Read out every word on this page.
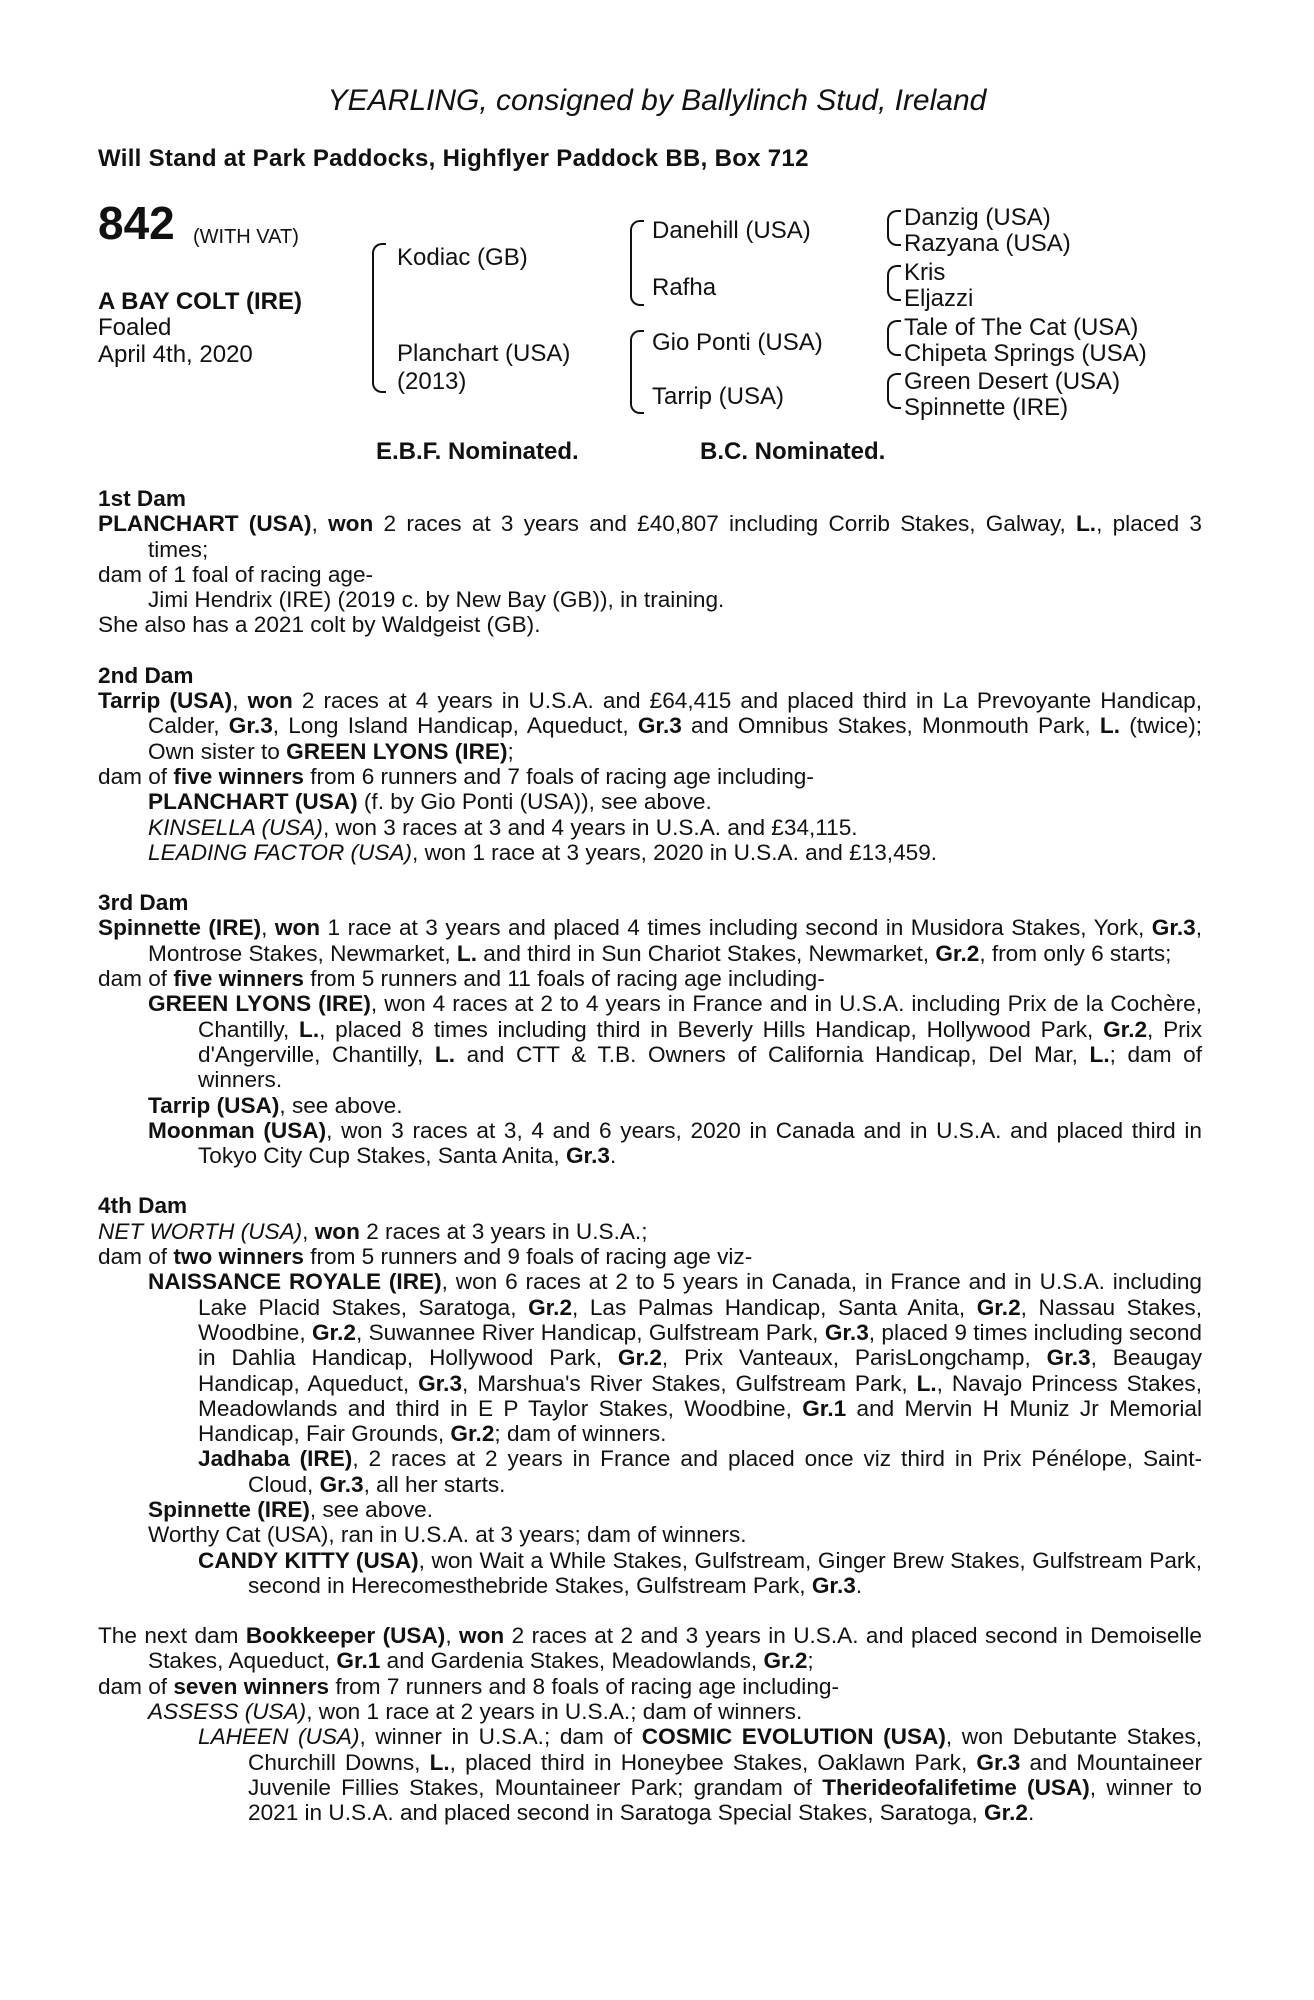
YEARLING, consigned by Ballylinch Stud, Ireland
Will Stand at Park Paddocks, Highflyer Paddock BB, Box 712
842 (WITH VAT)
A BAY COLT (IRE)
Foaled
April 4th, 2020
Kodiac (GB)
Planchart (USA)
(2013)
Danehill (USA)
Rafha
Gio Ponti (USA)
Tarrip (USA)
Danzig (USA)
Razyana (USA)
Kris
Eljazzi
Tale of The Cat (USA)
Chipeta Springs (USA)
Green Desert (USA)
Spinnette (IRE)
E.B.F. Nominated.	B.C. Nominated.
1st Dam

PLANCHART (USA), won 2 races at 3 years and £40,807 including Corrib Stakes, Galway, L., placed 3 times;

dam of 1 foal of racing age-

Jimi Hendrix (IRE) (2019 c. by New Bay (GB)), in training.

She also has a 2021 colt by Waldgeist (GB).

2nd Dam

Tarrip (USA), won 2 races at 4 years in U.S.A. and £64,415 and placed third in La Prevoyante Handicap, Calder, Gr.3, Long Island Handicap, Aqueduct, Gr.3 and Omnibus Stakes, Monmouth Park, L. (twice); Own sister to GREEN LYONS (IRE);

dam of five winners from 6 runners and 7 foals of racing age including-

PLANCHART (USA) (f. by Gio Ponti (USA)), see above.

KINSELLA (USA), won 3 races at 3 and 4 years in U.S.A. and £34,115.

LEADING FACTOR (USA), won 1 race at 3 years, 2020 in U.S.A. and £13,459.

3rd Dam

Spinnette (IRE), won 1 race at 3 years and placed 4 times including second in Musidora Stakes, York, Gr.3, Montrose Stakes, Newmarket, L. and third in Sun Chariot Stakes, Newmarket, Gr.2, from only 6 starts;

dam of five winners from 5 runners and 11 foals of racing age including-

GREEN LYONS (IRE), won 4 races at 2 to 4 years in France and in U.S.A. including Prix de la Cochère, Chantilly, L., placed 8 times including third in Beverly Hills Handicap, Hollywood Park, Gr.2, Prix d'Angerville, Chantilly, L. and CTT & T.B. Owners of California Handicap, Del Mar, L.; dam of winners.

Tarrip (USA), see above.

Moonman (USA), won 3 races at 3, 4 and 6 years, 2020 in Canada and in U.S.A. and placed third in Tokyo City Cup Stakes, Santa Anita, Gr.3.

4th Dam

NET WORTH (USA), won 2 races at 3 years in U.S.A.;

dam of two winners from 5 runners and 9 foals of racing age viz-

NAISSANCE ROYALE (IRE), won 6 races at 2 to 5 years in Canada, in France and in U.S.A. including Lake Placid Stakes, Saratoga, Gr.2, Las Palmas Handicap, Santa Anita, Gr.2, Nassau Stakes, Woodbine, Gr.2, Suwannee River Handicap, Gulfstream Park, Gr.3, placed 9 times including second in Dahlia Handicap, Hollywood Park, Gr.2, Prix Vanteaux, ParisLongchamp, Gr.3, Beaugay Handicap, Aqueduct, Gr.3, Marshua's River Stakes, Gulfstream Park, L., Navajo Princess Stakes, Meadowlands and third in E P Taylor Stakes, Woodbine, Gr.1 and Mervin H Muniz Jr Memorial Handicap, Fair Grounds, Gr.2; dam of winners.

Jadhaba (IRE), 2 races at 2 years in France and placed once viz third in Prix Pénélope, Saint-Cloud, Gr.3, all her starts.

Spinnette (IRE), see above.

Worthy Cat (USA), ran in U.S.A. at 3 years; dam of winners.

CANDY KITTY (USA), won Wait a While Stakes, Gulfstream, Ginger Brew Stakes, Gulfstream Park, second in Herecomesthebride Stakes, Gulfstream Park, Gr.3.

The next dam Bookkeeper (USA), won 2 races at 2 and 3 years in U.S.A. and placed second in Demoiselle Stakes, Aqueduct, Gr.1 and Gardenia Stakes, Meadowlands, Gr.2;

dam of seven winners from 7 runners and 8 foals of racing age including-

ASSESS (USA), won 1 race at 2 years in U.S.A.; dam of winners.

LAHEEN (USA), winner in U.S.A.; dam of COSMIC EVOLUTION (USA), won Debutante Stakes, Churchill Downs, L., placed third in Honeybee Stakes, Oaklawn Park, Gr.3 and Mountaineer Juvenile Fillies Stakes, Mountaineer Park; grandam of Therideofalifetime (USA), winner to 2021 in U.S.A. and placed second in Saratoga Special Stakes, Saratoga, Gr.2.
